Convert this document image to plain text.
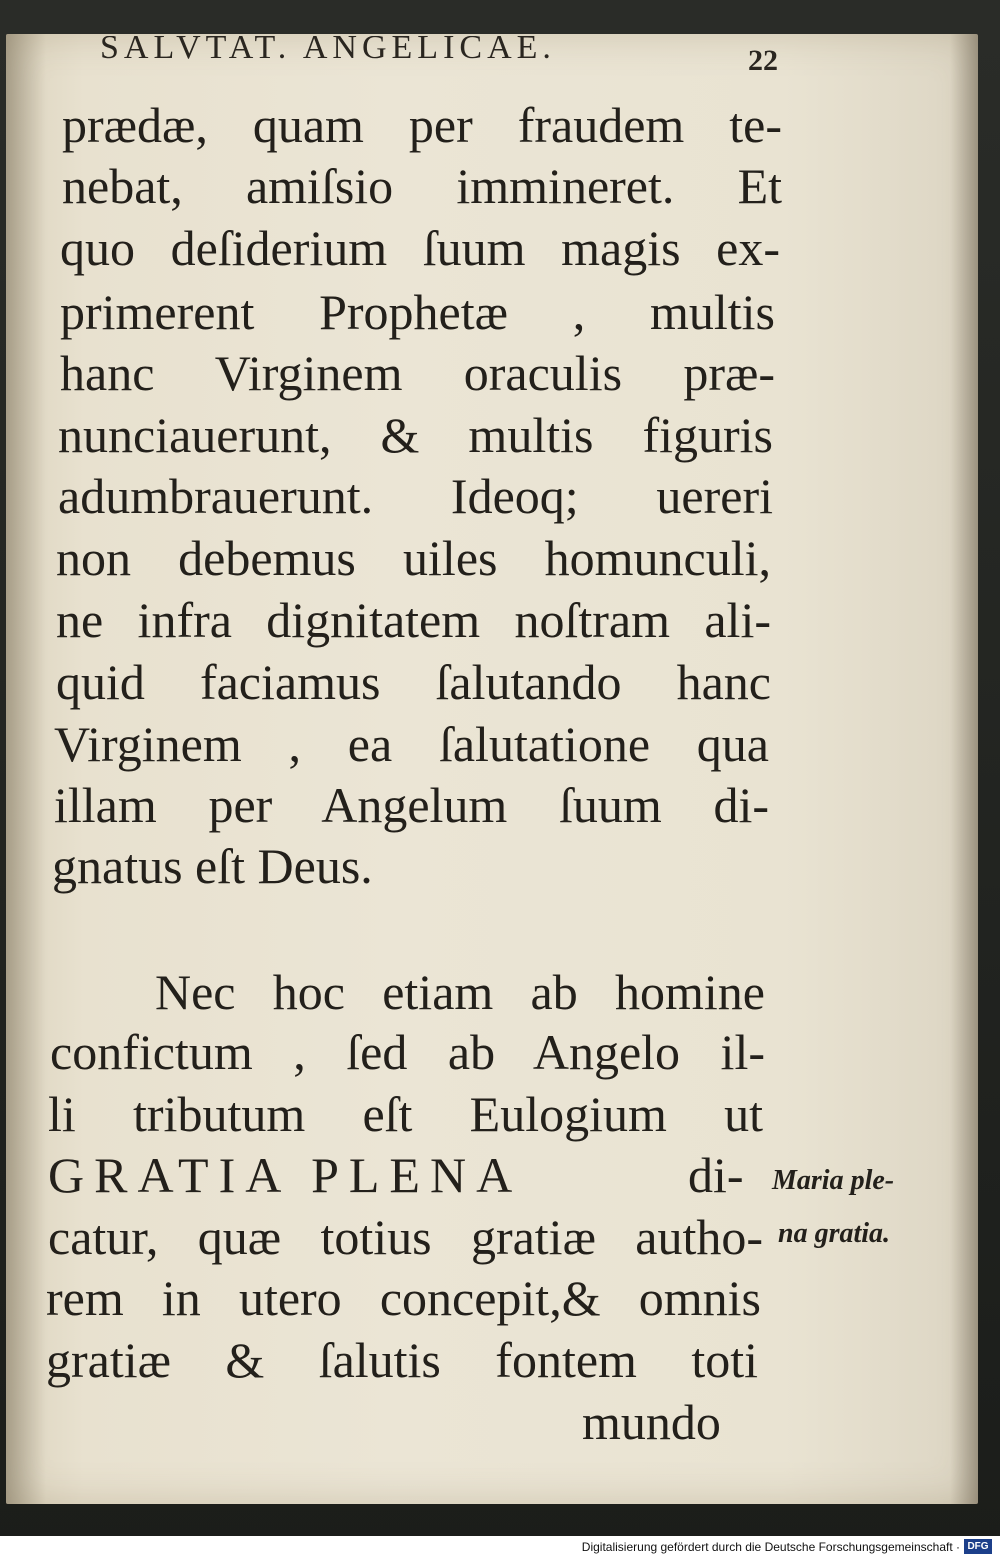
SALVTAT. ANGELICAE.	22
prædæ, quam per fraudem te-
nebat, amiſsio immineret. Et
quo deſiderium ſuum magis ex-
primerent Prophetæ , multis
hanc Virginem oraculis præ-
nunciauerunt, & multis figuris
adumbrauerunt. Ideoq; uereri
non debemus uiles homunculi,
ne infra dignitatem noſtram ali-
quid faciamus ſalutando hanc
Virginem , ea ſalutatione qua
illam per Angelum ſuum di-
gnatus eſt Deus.
Nec hoc etiam ab homine
confictum , ſed ab Angelo il-
li tributum eſt Eulogium ut
GRATIA PLENA	di-
catur, quæ totius gratiæ autho-
rem in utero concepit,& omnis
gratiæ & ſalutis fontem toti
mundo
Maria ple-
na gratia.
Digitalisierung gefördert durch die Deutsche Forschungsgemeinschaft · DFG
